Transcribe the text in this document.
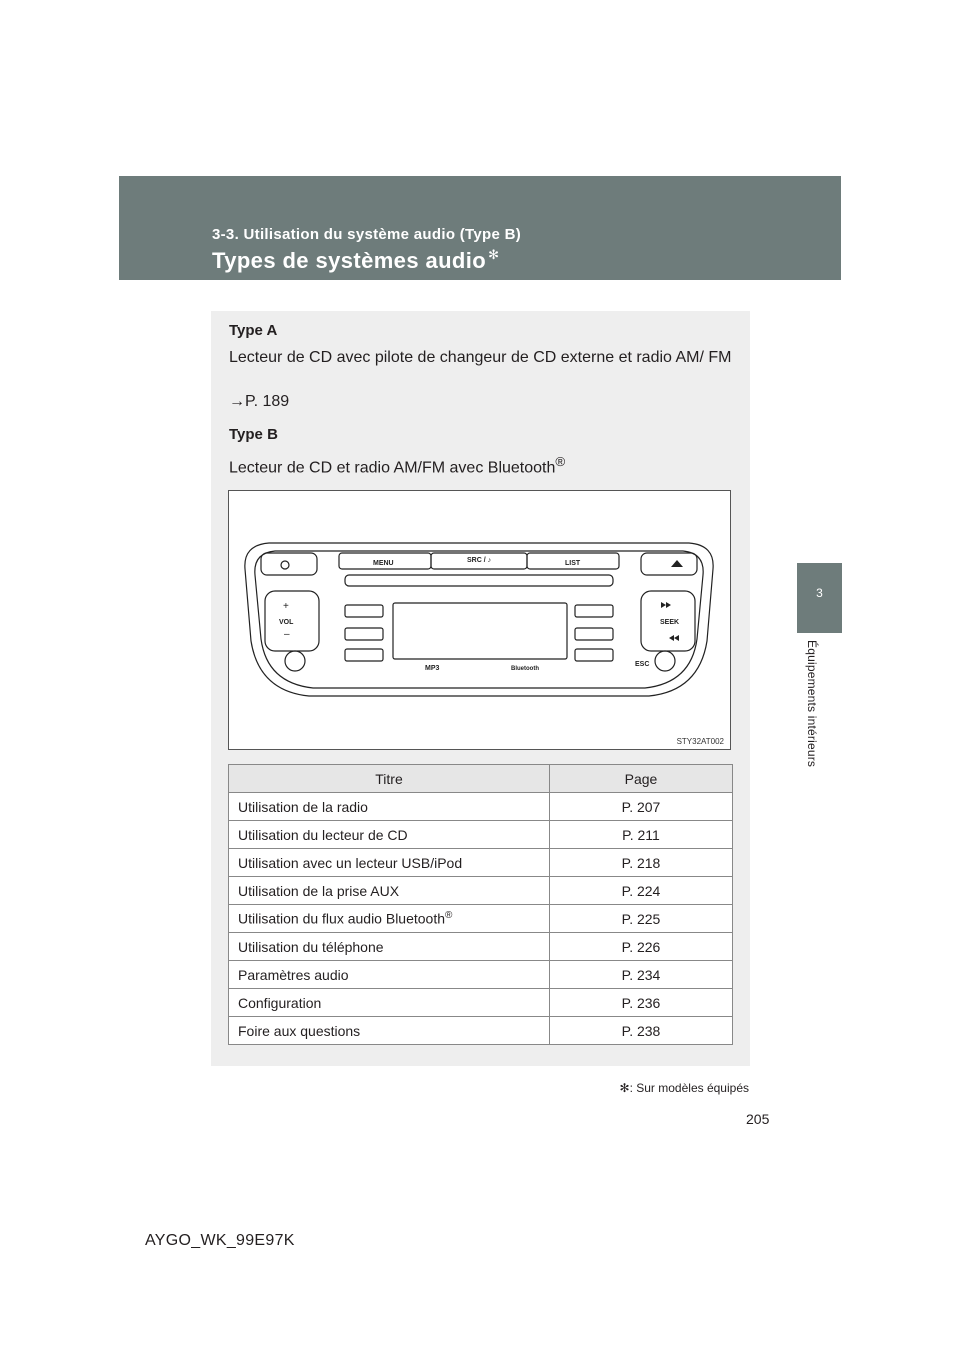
3-3. Utilisation du système audio (Type B)
Types de systèmes audio ✻
3
Équipements intérieurs
Type A
Lecteur de CD avec pilote de changeur de CD externe et radio AM/ FM
→P. 189
Type B
Lecteur de CD et radio AM/FM avec Bluetooth®
MENU	SRC / ♪	LIST
+
VOL
–
SEEK
ESC
MP3	Bluetooth
STY32AT002
Titre	Page
Utilisation de la radio	P. 207
Utilisation du lecteur de CD	P. 211
Utilisation avec un lecteur USB/iPod	P. 218
Utilisation de la prise AUX	P. 224
Utilisation du flux audio Bluetooth®	P. 225
Utilisation du téléphone	P. 226
Paramètres audio	P. 234
Configuration	P. 236
Foire aux questions	P. 238
✻: Sur modèles équipés
205
AYGO_WK_99E97K
